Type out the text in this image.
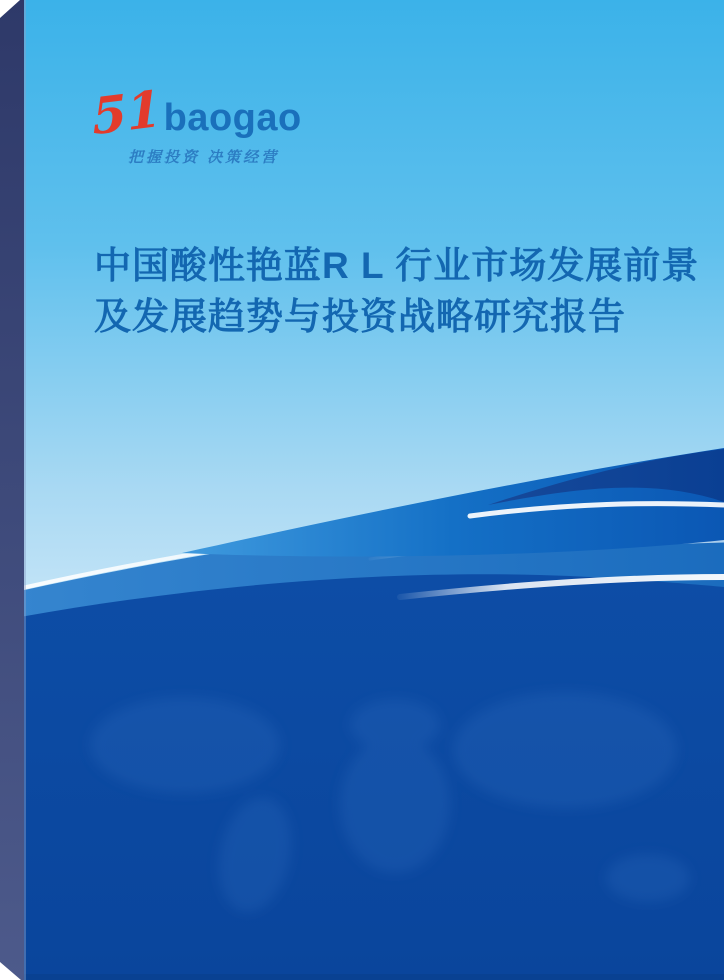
51 baogao
把握投资 决策经营
中国酸性艳蓝R L 行业市场发展前景
及发展趋势与投资战略研究报告
